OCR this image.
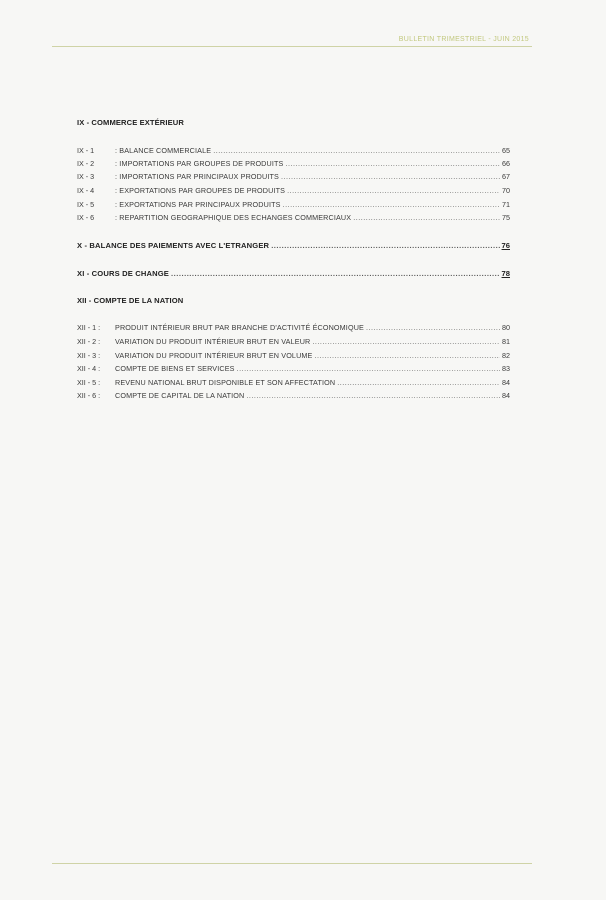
BULLETIN TRIMESTRIEL - JUIN 2015
IX - COMMERCE EXTÉRIEUR
IX - 1	: BALANCE COMMERCIALE .....	65
IX - 2	: IMPORTATIONS PAR GROUPES DE PRODUITS .....	66
IX - 3	: IMPORTATIONS PAR PRINCIPAUX PRODUITS .....	67
IX - 4	: EXPORTATIONS PAR GROUPES DE PRODUITS .....	70
IX - 5	: EXPORTATIONS PAR PRINCIPAUX PRODUITS .....	71
IX - 6	: REPARTITION GEOGRAPHIQUE DES ECHANGES COMMERCIAUX .....	75
X - BALANCE DES PAIEMENTS AVEC L'ETRANGER .....	76
XI - COURS DE CHANGE .....	78
XII - COMPTE DE LA NATION
XII - 1 :	PRODUIT INTÉRIEUR BRUT PAR BRANCHE D'ACTIVITÉ ÉCONOMIQUE .....	80
XII - 2 :	VARIATION DU PRODUIT INTÉRIEUR BRUT EN VALEUR .....	81
XII - 3 :	VARIATION DU PRODUIT INTÉRIEUR BRUT EN VOLUME .....	82
XII - 4 :	COMPTE DE BIENS ET SERVICES .....	83
XII - 5 :	REVENU NATIONAL BRUT DISPONIBLE ET SON AFFECTATION .....	84
XII - 6 :	COMPTE DE CAPITAL DE LA NATION .....	84
